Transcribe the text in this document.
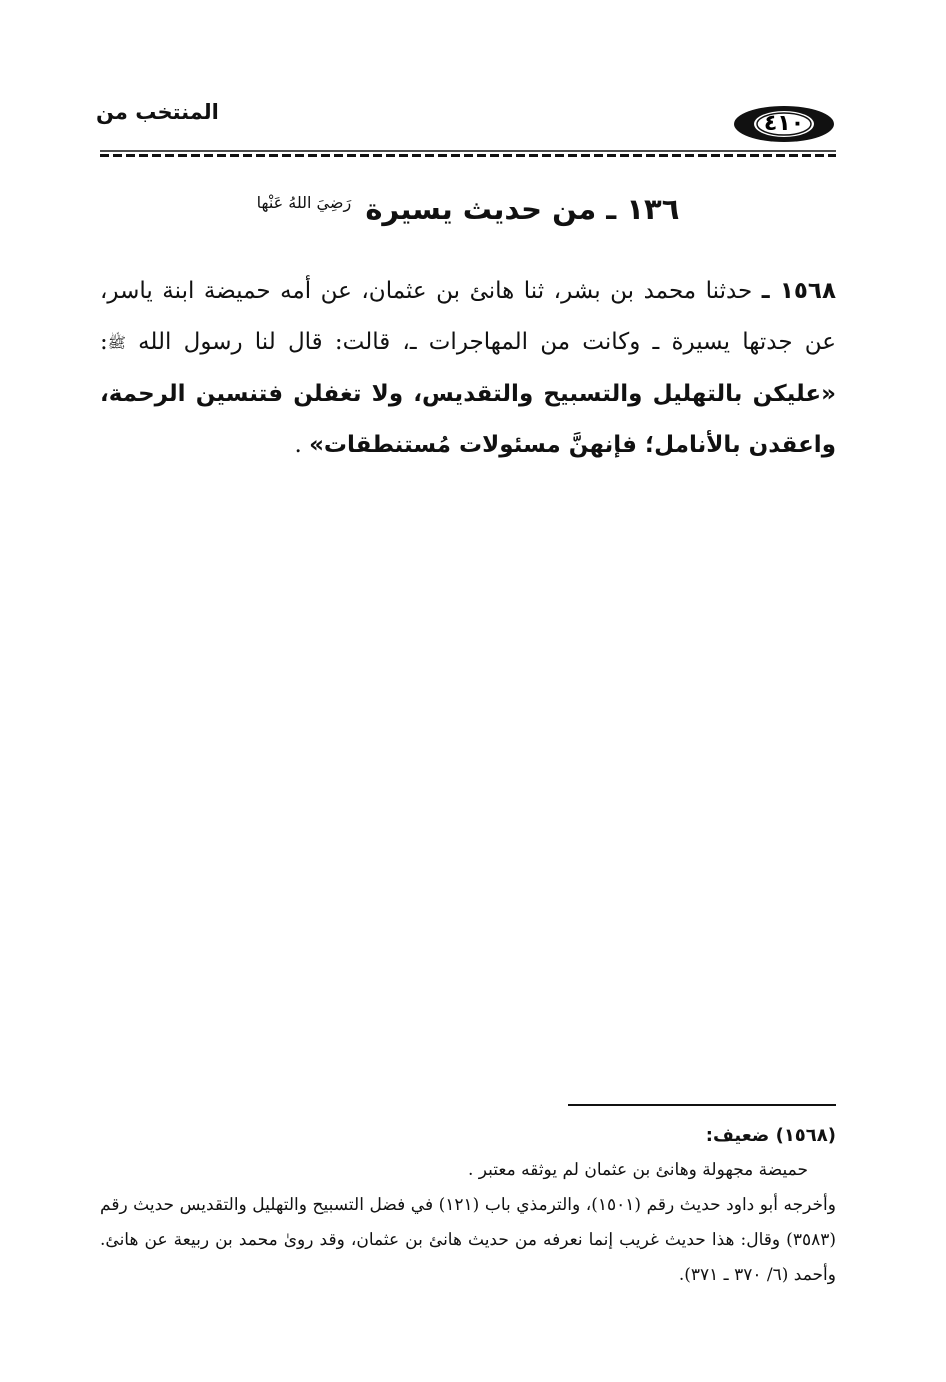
٤١٠
المنتخب من
١٣٦ ـ من حديث يسيرة $^{رَضِيَ اللهُ عَنْها}$
١٥٦٨ ـ حدثنا محمد بن بشر، ثنا هانئ بن عثمان، عن أمه حميضة ابنة ياسر، عن جدتها يسيرة ـ وكانت من المهاجرات ـ، قالت: قال لنا رسول الله ﷺ: «عليكن بالتهليل والتسبيح والتقديس، ولا تغفلن فتنسين الرحمة، واعقدن بالأنامل؛ فإنهنَّ مسئولات مُستنطقات» .
(١٥٦٨) ضعيف:
حميضة مجهولة وهانئ بن عثمان لم يوثقه معتبر .
وأخرجه أبو داود حديث رقم (١٥٠١)، والترمذي باب (١٢١) في فضل التسبيح والتهليل والتقديس حديث رقم (٣٥٨٣) وقال: هذا حديث غريب إنما نعرفه من حديث هانئ بن عثمان، وقد روىٰ محمد بن ربيعة عن هانئ. وأحمد (٦/ ٣٧٠ ـ ٣٧١).
